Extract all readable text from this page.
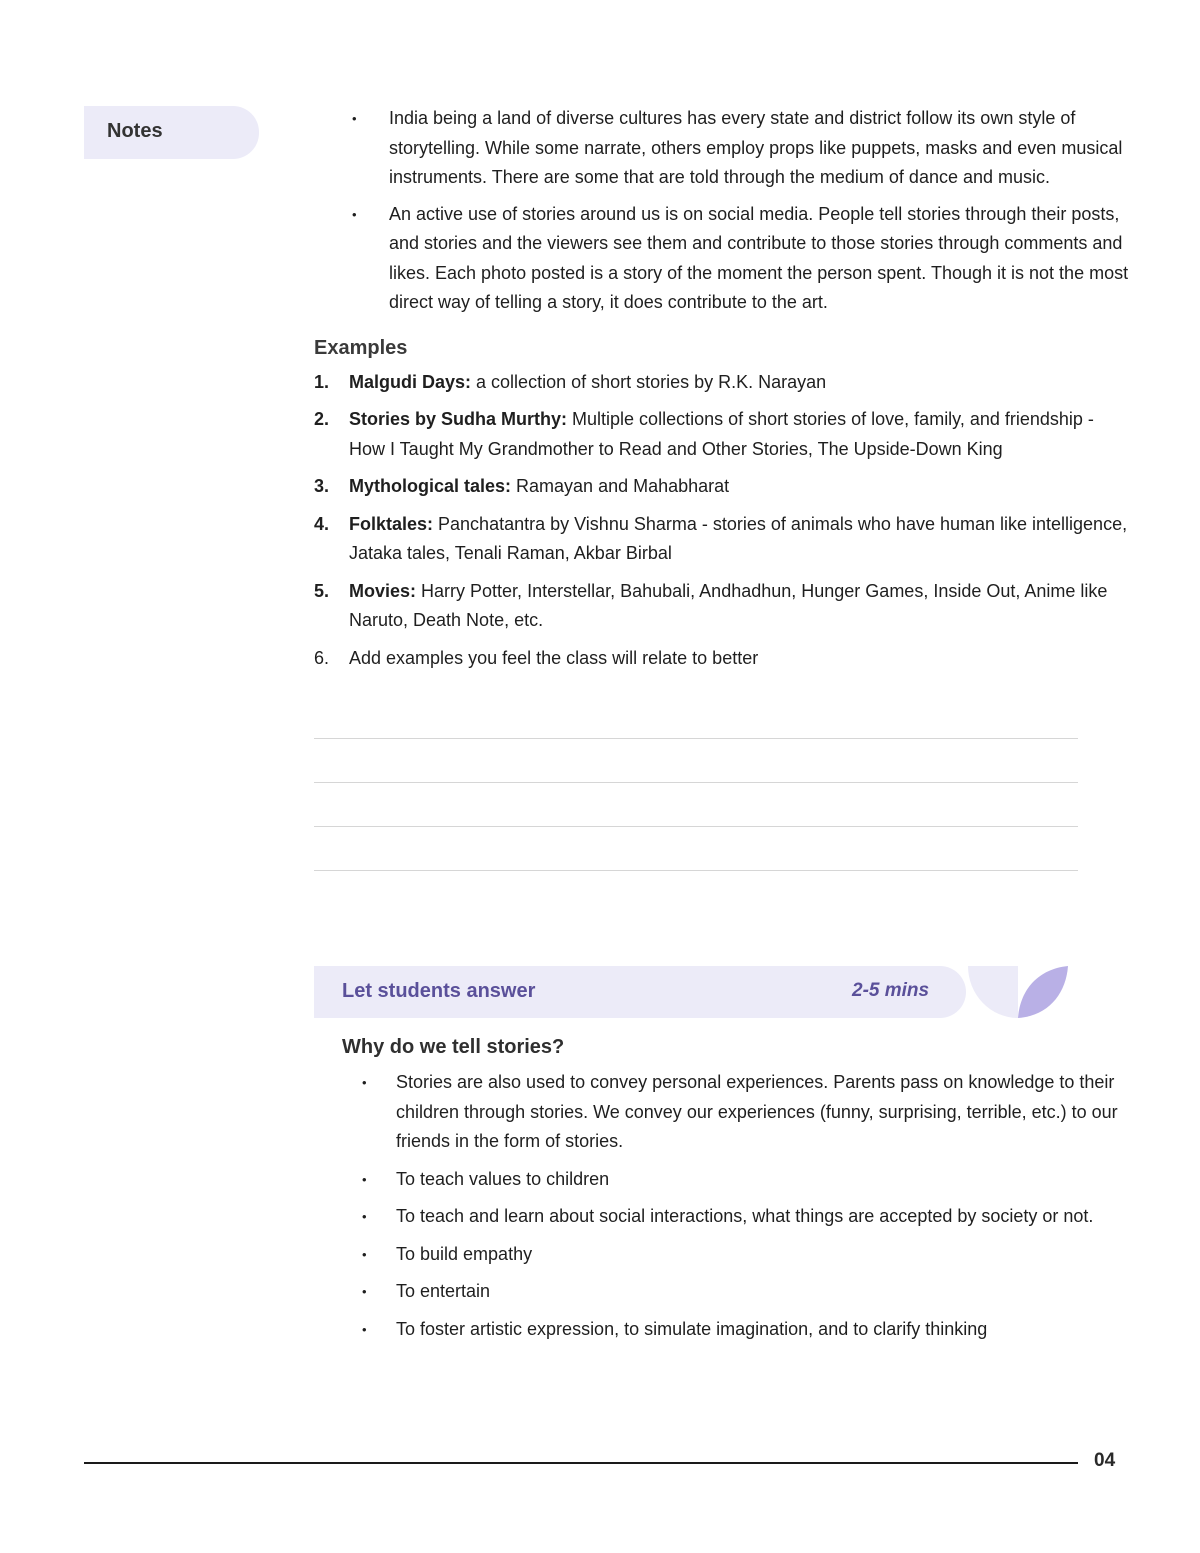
Notes
• India being a land of diverse cultures has every state and district follow its own style of storytelling. While some narrate, others employ props like puppets, masks and even musical instruments. There are some that are told through the medium of dance and music.
• An active use of stories around us is on social media. People tell stories through their posts, and stories and the viewers see them and contribute to those stories through comments and likes. Each photo posted is a story of the moment the person spent. Though it is not the most direct way of telling a story, it does contribute to the art.
Examples
1. Malgudi Days: a collection of short stories by R.K. Narayan
2. Stories by Sudha Murthy: Multiple collections of short stories of love, family, and friendship - How I Taught My Grandmother to Read and Other Stories, The Upside-Down King
3. Mythological tales: Ramayan and Mahabharat
4. Folktales: Panchatantra by Vishnu Sharma - stories of animals who have human like intelligence, Jataka tales, Tenali Raman, Akbar Birbal
5. Movies: Harry Potter, Interstellar, Bahubali, Andhadhun, Hunger Games, Inside Out, Anime like Naruto, Death Note, etc.
6. Add examples you feel the class will relate to better
Let students answer	2-5 mins
Why do we tell stories?
• Stories are also used to convey personal experiences. Parents pass on knowledge to their children through stories. We convey our experiences (funny, surprising, terrible, etc.) to our friends in the form of stories.
• To teach values to children
• To teach and learn about social interactions, what things are accepted by society or not.
• To build empathy
• To entertain
• To foster artistic expression, to simulate imagination, and to clarify thinking
04
